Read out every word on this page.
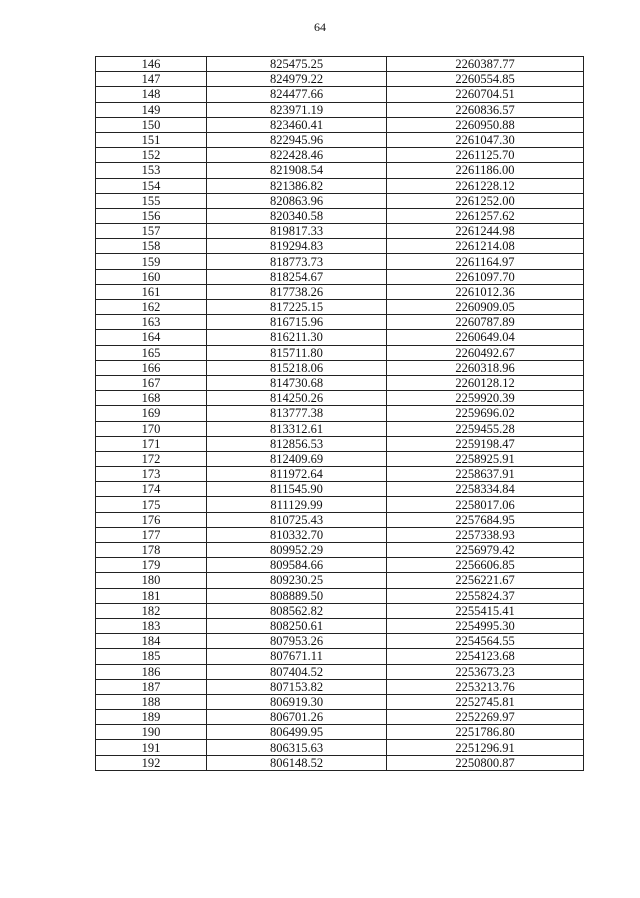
64
146	825475.25	2260387.77
147	824979.22	2260554.85
148	824477.66	2260704.51
149	823971.19	2260836.57
150	823460.41	2260950.88
151	822945.96	2261047.30
152	822428.46	2261125.70
153	821908.54	2261186.00
154	821386.82	2261228.12
155	820863.96	2261252.00
156	820340.58	2261257.62
157	819817.33	2261244.98
158	819294.83	2261214.08
159	818773.73	2261164.97
160	818254.67	2261097.70
161	817738.26	2261012.36
162	817225.15	2260909.05
163	816715.96	2260787.89
164	816211.30	2260649.04
165	815711.80	2260492.67
166	815218.06	2260318.96
167	814730.68	2260128.12
168	814250.26	2259920.39
169	813777.38	2259696.02
170	813312.61	2259455.28
171	812856.53	2259198.47
172	812409.69	2258925.91
173	811972.64	2258637.91
174	811545.90	2258334.84
175	811129.99	2258017.06
176	810725.43	2257684.95
177	810332.70	2257338.93
178	809952.29	2256979.42
179	809584.66	2256606.85
180	809230.25	2256221.67
181	808889.50	2255824.37
182	808562.82	2255415.41
183	808250.61	2254995.30
184	807953.26	2254564.55
185	807671.11	2254123.68
186	807404.52	2253673.23
187	807153.82	2253213.76
188	806919.30	2252745.81
189	806701.26	2252269.97
190	806499.95	2251786.80
191	806315.63	2251296.91
192	806148.52	2250800.87
